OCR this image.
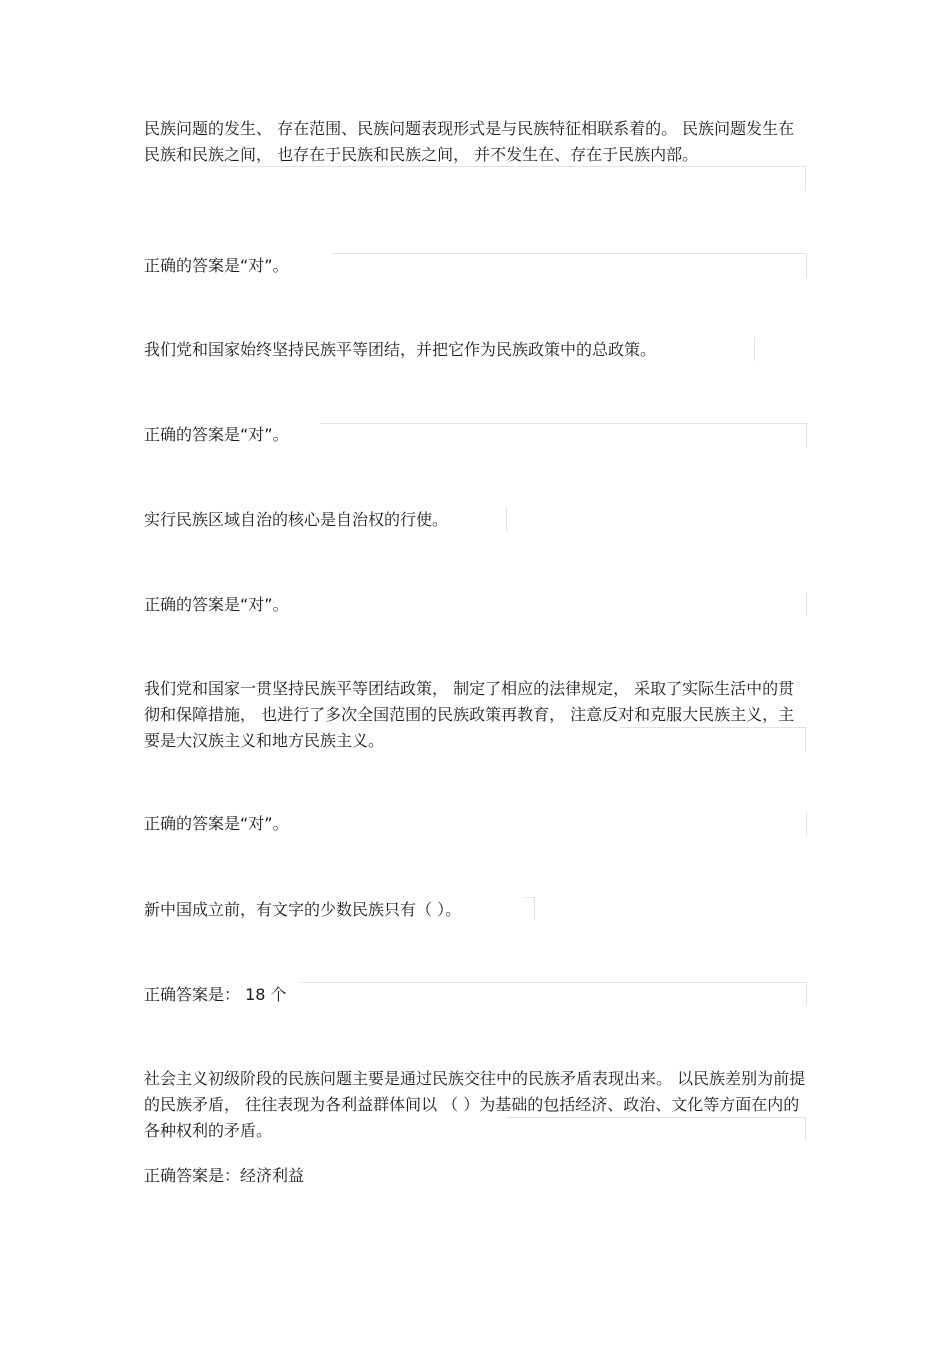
民族问题的发生、 存在范围、民族问题表现形式是与民族特征相联系着的。 民族问题发生在民族和民族之间， 也存在于民族和民族之间， 并不发生在、存在于民族内部。

正确的答案是“对”。

我们党和国家始终坚持民族平等团结，并把它作为民族政策中的总政策。

正确的答案是“对”。

实行民族区域自治的核心是自治权的行使。

正确的答案是“对”。

我们党和国家一贯坚持民族平等团结政策， 制定了相应的法律规定， 采取了实际生活中的贯彻和保障措施， 也进行了多次全国范围的民族政策再教育， 注意反对和克服大民族主义，主要是大汉族主义和地方民族主义。

正确的答案是“对”。

新中国成立前，有文字的少数民族只有（ ）。

正确答案是： 18 个

社会主义初级阶段的民族问题主要是通过民族交往中的民族矛盾表现出来。 以民族差别为前提的民族矛盾， 往往表现为各利益群体间以 （ ）为基础的包括经济、政治、文化等方面在内的各种权利的矛盾。

正确答案是：经济利益
